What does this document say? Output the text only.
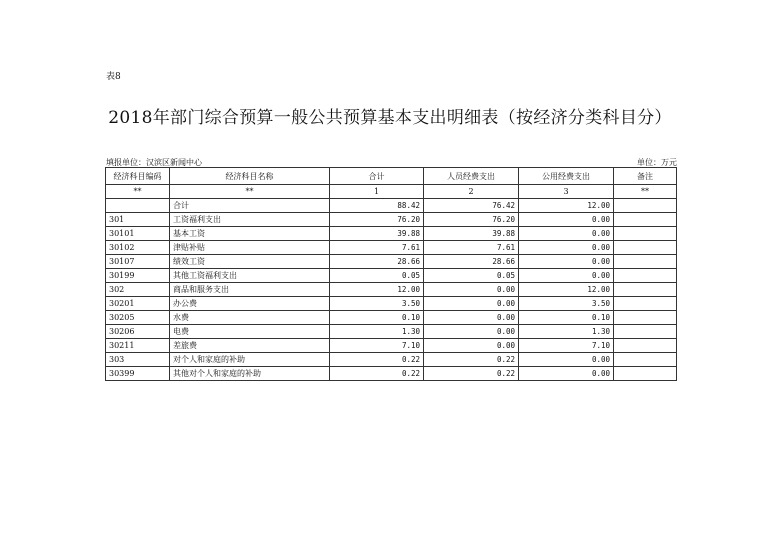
表8
2018年部门综合预算一般公共预算基本支出明细表（按经济分类科目分）
填报单位：汉滨区新闻中心	单位：万元
经济科目编码	经济科目名称	合计	人员经费支出	公用经费支出	备注
**	**	1	2	3	**
	合计	88.42	76.42	12.00	
301	工资福利支出	76.20	76.20	0.00	
30101	基本工资	39.88	39.88	0.00	
30102	津贴补贴	7.61	7.61	0.00	
30107	绩效工资	28.66	28.66	0.00	
30199	其他工资福利支出	0.05	0.05	0.00	
302	商品和服务支出	12.00	0.00	12.00	
30201	办公费	3.50	0.00	3.50	
30205	水费	0.10	0.00	0.10	
30206	电费	1.30	0.00	1.30	
30211	差旅费	7.10	0.00	7.10	
303	对个人和家庭的补助	0.22	0.22	0.00	
30399	其他对个人和家庭的补助	0.22	0.22	0.00	
